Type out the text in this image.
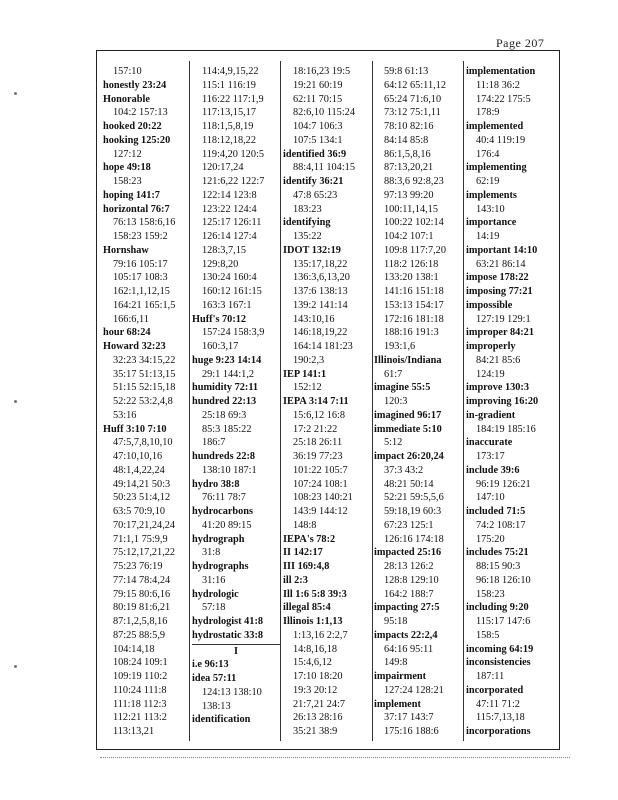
Page 207
157:10
honestly 23:24
Honorable
104:2 157:13
hooked 20:22
hooking 125:20
127:12
hope 49:18
158:23
hoping 141:7
horizontal 76:7
76:13 158:6,16
158:23 159:2
Hornshaw
79:16 105:17
105:17 108:3
162:1,1,12,15
164:21 165:1,5
166:6,11
hour 68:24
Howard 32:23
32:23 34:15,22
35:17 51:13,15
51:15 52:15,18
52:22 53:2,4,8
53:16
Huff 3:10 7:10
47:5,7,8,10,10
47:10,10,16
48:1,4,22,24
49:14,21 50:3
50:23 51:4,12
63:5 70:9,10
70:17,21,24,24
71:1,1 75:9,9
75:12,17,21,22
75:23 76:19
77:14 78:4,24
79:15 80:6,16
80:19 81:6,21
87:1,2,5,8,16
87:25 88:5,9
104:14,18
108:24 109:1
109:19 110:2
110:24 111:8
111:18 112:3
112:21 113:2
113:13,21
114:4,9,15,22
115:1 116:19
116:22 117:1,9
117:13,15,17
118:1,5,8,19
118:12,18,22
119:4,20 120:5
120:17,24
121:6,22 122:7
122:14 123:8
123:22 124:4
125:17 126:11
126:14 127:4
128:3,7,15
129:8,20
130:24 160:4
160:12 161:15
163:3 167:1
Huff's 70:12
157:24 158:3,9
160:3,17
huge 9:23 14:14
29:1 144:1,2
humidity 72:11
hundred 22:13
25:18 69:3
85:3 185:22
186:7
hundreds 22:8
138:10 187:1
hydro 38:8
76:11 78:7
hydrocarbons
41:20 89:15
hydrograph
31:8
hydrographs
31:16
hydrologic
57:18
hydrologist 41:8
hydrostatic 33:8
I
i.e 96:13
idea 57:11
124:13 138:10
138:13
identification
18:16,23 19:5
19:21 60:19
62:11 70:15
82:6,10 115:24
104:7 106:3
107:5 134:1
identified 36:9
88:4,11 104:15
identify 36:21
47:8 65:23
183:23
identifying
135:22
IDOT 132:19
135:17,18,22
136:3,6,13,20
137:6 138:13
139:2 141:14
143:10,16
146:18,19,22
164:14 181:23
190:2,3
IEP 141:1
152:12
IEPA 3:14 7:11
15:6,12 16:8
17:2 21:22
25:18 26:11
36:19 77:23
101:22 105:7
107:24 108:1
108:23 140:21
143:9 144:12
148:8
IEPA's 78:2
II 142:17
III 169:4,8
ill 2:3
Ill 1:6 5:8 39:3
illegal 85:4
Illinois 1:1,13
1:13,16 2:2,7
14:8,16,18
15:4,6,12
17:10 18:20
19:3 20:12
21:7,21 24:7
26:13 28:16
35:21 38:9
59:8 61:13
64:12 65:11,12
65:24 71:6,10
73:12 75:1,11
78:10 82:16
84:14 85:8
86:1,5,8,16
87:13,20,21
88:3,6 92:8,23
97:13 99:20
100:11,14,15
100:22 102:14
104:2 107:1
109:8 117:7,20
118:2 126:18
133:20 138:1
141:16 151:18
153:13 154:17
172:16 181:18
188:16 191:3
193:1,6
Illinois/Indiana
61:7
imagine 55:5
120:3
imagined 96:17
immediate 5:10
5:12
impact 26:20,24
37:3 43:2
48:21 50:14
52:21 59:5,5,6
59:18,19 60:3
67:23 125:1
126:16 174:18
impacted 25:16
28:13 126:2
128:8 129:10
164:2 188:7
impacting 27:5
95:18
impacts 22:2,4
64:16 95:11
149:8
impairment
127:24 128:21
implement
37:17 143:7
175:16 188:6
implementation
11:18 36:2
174:22 175:5
178:9
implemented
40:4 119:19
176:4
implementing
62:19
implements
143:10
importance
14:19
important 14:10
63:21 86:14
impose 178:22
imposing 77:21
impossible
127:19 129:1
improper 84:21
improperly
84:21 85:6
124:19
improve 130:3
improving 16:20
in-gradient
184:19 185:16
inaccurate
173:17
include 39:6
96:19 126:21
147:10
included 71:5
74:2 108:17
175:20
includes 75:21
88:15 90:3
96:18 126:10
158:23
including 9:20
115:17 147:6
158:5
incoming 64:19
inconsistencies
187:11
incorporated
47:11 71:2
115:7,13,18
incorporations
